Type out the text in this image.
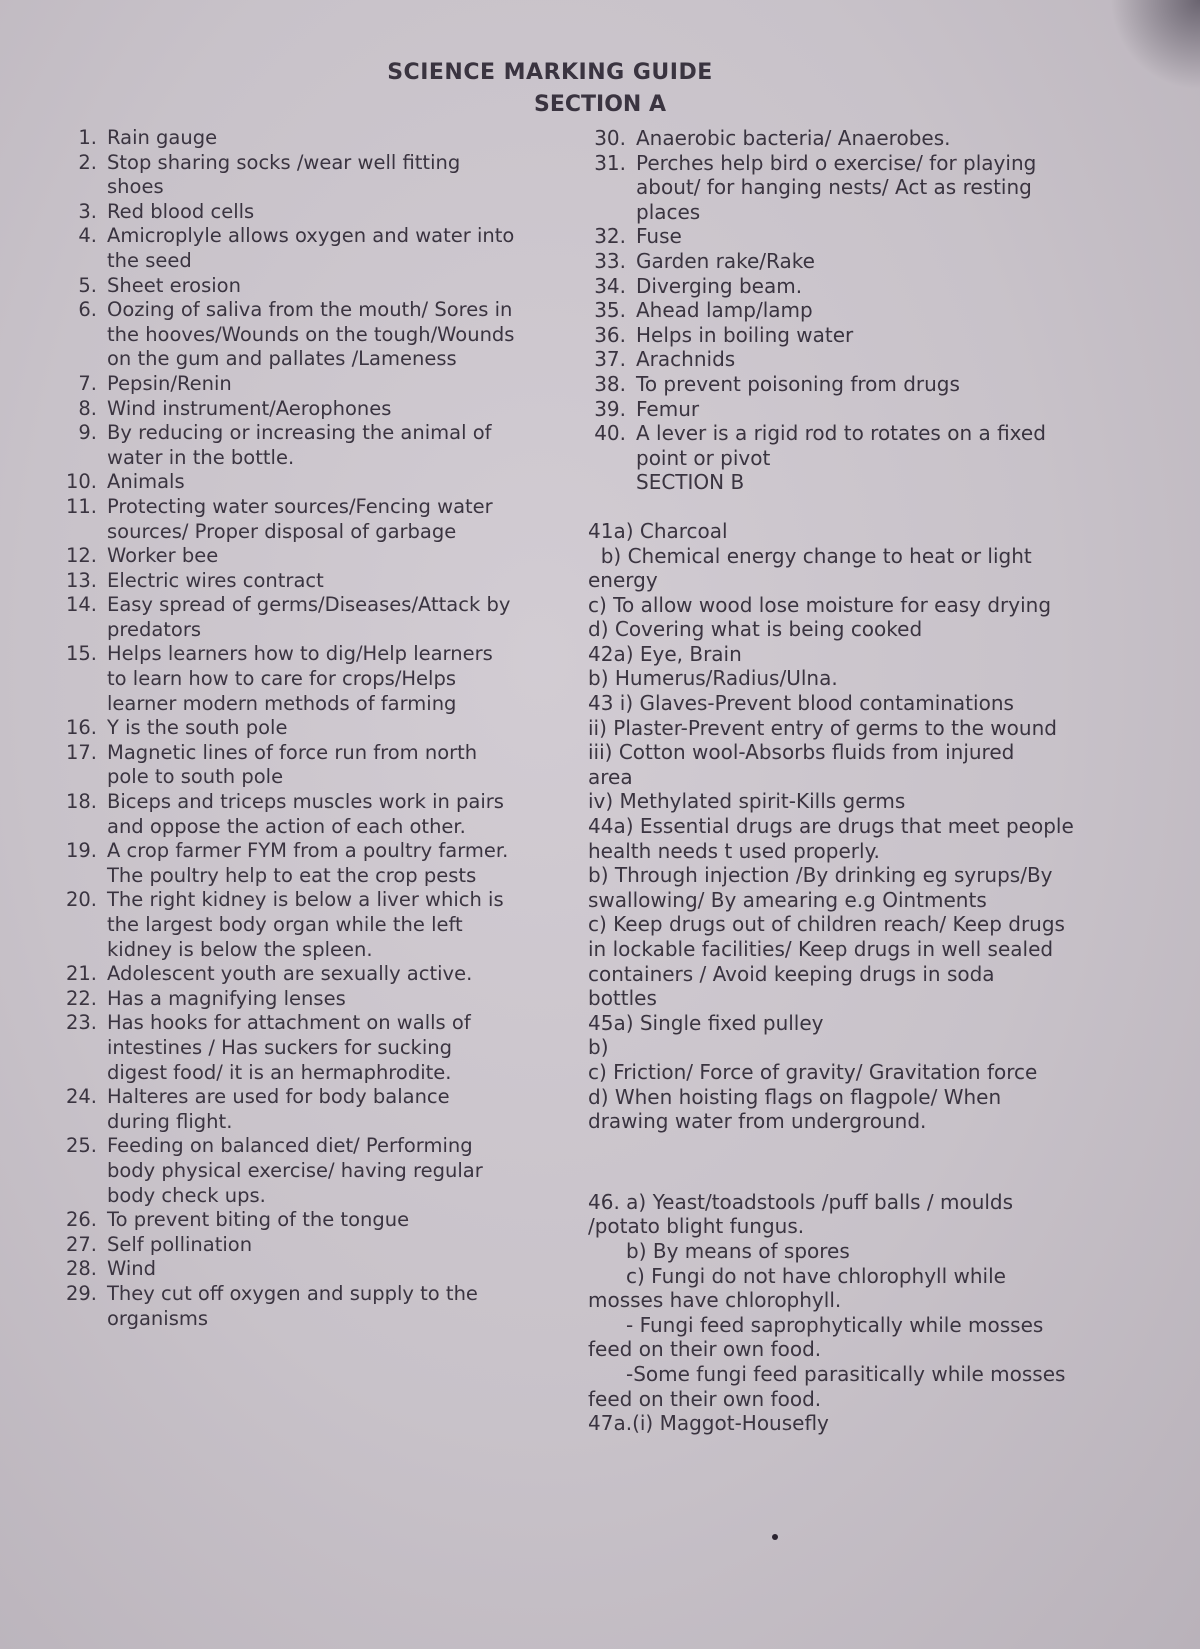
SCIENCE MARKING GUIDE
SECTION A
1. Rain gauge
2. Stop sharing socks /wear well fitting shoes
3. Red blood cells
4. Amicroplyle allows oxygen and water into the seed
5. Sheet erosion
6. Oozing of saliva from the mouth/ Sores in the hooves/Wounds on the tough/Wounds on the gum and pallates /Lameness
7. Pepsin/Renin
8. Wind instrument/Aerophones
9. By reducing or increasing the animal of water in the bottle.
10. Animals
11. Protecting water sources/Fencing water sources/ Proper disposal of garbage
12. Worker bee
13. Electric wires contract
14. Easy spread of germs/Diseases/Attack by predators
15. Helps learners how to dig/Help learners to learn how to care for crops/Helps learner modern methods of farming
16. Y is the south pole
17. Magnetic lines of force run from north pole to south pole
18. Biceps and triceps muscles work in pairs and oppose the action of each other.
19. A crop farmer FYM from a poultry farmer.
The poultry help to eat the crop pests
20. The right kidney is below a liver which is the largest body organ while the left kidney is below the spleen.
21. Adolescent youth are sexually active.
22. Has a magnifying lenses
23. Has hooks for attachment on walls of intestines / Has suckers for sucking digest food/ it is an hermaphrodite.
24. Halteres are used for body balance during flight.
25. Feeding on balanced diet/ Performing body physical exercise/ having regular body check ups.
26. To prevent biting of the tongue
27. Self pollination
28. Wind
29. They cut off oxygen and supply to the organisms
30. Anaerobic bacteria/ Anaerobes.
31. Perches help bird o exercise/ for playing about/ for hanging nests/ Act as resting places
32. Fuse
33. Garden rake/Rake
34. Diverging beam.
35. Ahead lamp/lamp
36. Helps in boiling water
37. Arachnids
38. To prevent poisoning from drugs
39. Femur
40. A lever is a rigid rod to rotates on a fixed point or pivot
SECTION B
41a) Charcoal
b) Chemical energy change to heat or light
energy
c) To allow wood lose moisture for easy drying
d) Covering what is being cooked
42a) Eye, Brain
b) Humerus/Radius/Ulna.
43 i) Glaves-Prevent blood contaminations
ii) Plaster-Prevent entry of germs to the wound
iii) Cotton wool-Absorbs fluids from injured
area
iv) Methylated spirit-Kills germs
44a) Essential drugs are drugs that meet people
health needs t used properly.
b) Through injection /By drinking eg syrups/By
swallowing/ By amearing e.g Ointments
c) Keep drugs out of children reach/ Keep drugs
in lockable facilities/ Keep drugs in well sealed
containers / Avoid keeping drugs in soda
bottles
45a) Single fixed pulley
b)
c) Friction/ Force of gravity/ Gravitation force
d) When hoisting flags on flagpole/ When
drawing water from underground.
46. a) Yeast/toadstools /puff balls / moulds
/potato blight fungus.
b) By means of spores
c) Fungi do not have chlorophyll while
mosses have chlorophyll.
- Fungi feed saprophytically while mosses
feed on their own food.
-Some fungi feed parasitically while mosses
feed on their own food.
47a.(i) Maggot-Housefly
